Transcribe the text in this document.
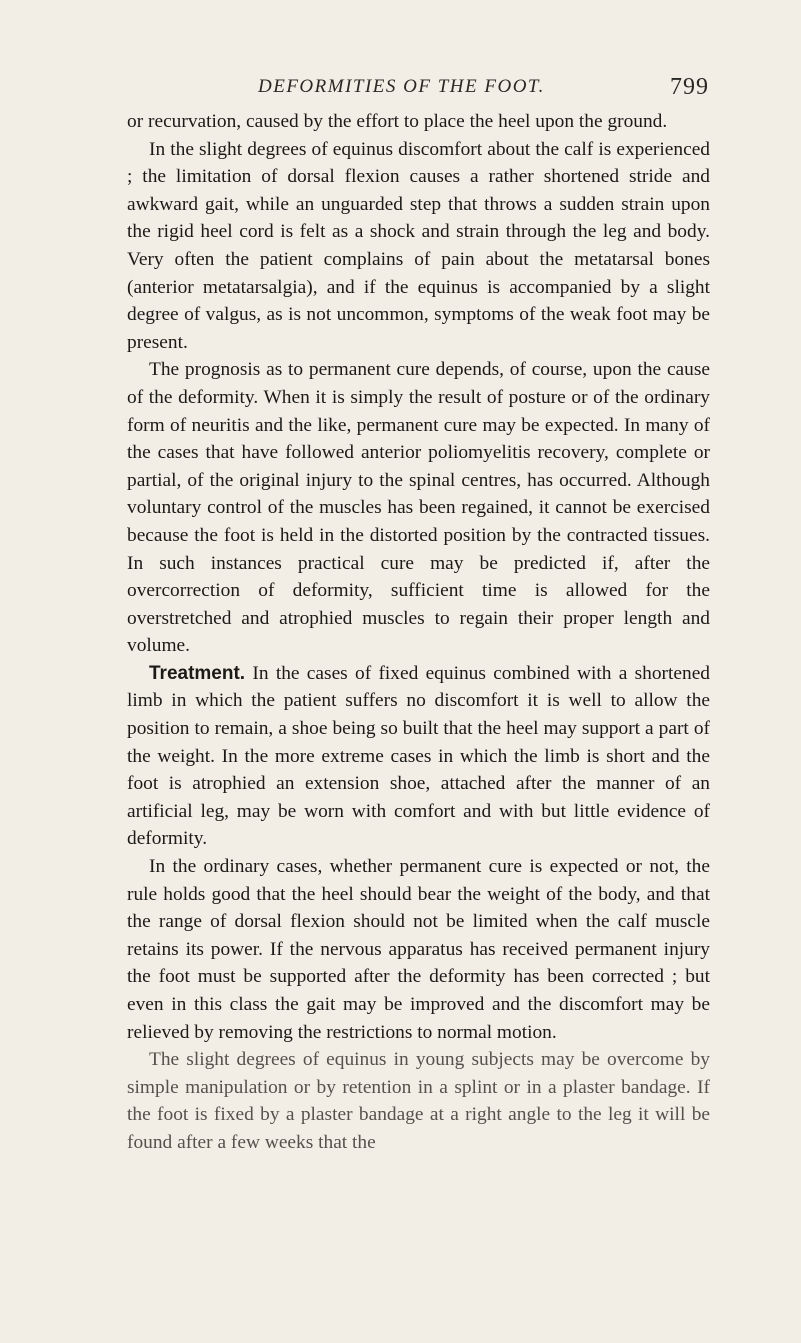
DEFORMITIES OF THE FOOT.	799

or recurvation, caused by the effort to place the heel upon the ground.

In the slight degrees of equinus discomfort about the calf is experienced ; the limitation of dorsal flexion causes a rather shortened stride and awkward gait, while an unguarded step that throws a sudden strain upon the rigid heel cord is felt as a shock and strain through the leg and body. Very often the patient complains of pain about the metatarsal bones (anterior metatarsalgia), and if the equinus is accompanied by a slight degree of valgus, as is not uncommon, symptoms of the weak foot may be present.

The prognosis as to permanent cure depends, of course, upon the cause of the deformity. When it is simply the result of posture or of the ordinary form of neuritis and the like, permanent cure may be expected. In many of the cases that have followed anterior poliomyelitis recovery, complete or partial, of the original injury to the spinal centres, has occurred. Although voluntary control of the muscles has been regained, it cannot be exercised because the foot is held in the distorted position by the contracted tissues. In such instances practical cure may be predicted if, after the overcorrection of deformity, sufficient time is allowed for the overstretched and atrophied muscles to regain their proper length and volume.

Treatment. In the cases of fixed equinus combined with a shortened limb in which the patient suffers no discomfort it is well to allow the position to remain, a shoe being so built that the heel may support a part of the weight. In the more extreme cases in which the limb is short and the foot is atrophied an extension shoe, attached after the manner of an artificial leg, may be worn with comfort and with but little evidence of deformity.

In the ordinary cases, whether permanent cure is expected or not, the rule holds good that the heel should bear the weight of the body, and that the range of dorsal flexion should not be limited when the calf muscle retains its power. If the nervous apparatus has received permanent injury the foot must be supported after the deformity has been corrected ; but even in this class the gait may be improved and the discomfort may be relieved by removing the restrictions to normal motion.

The slight degrees of equinus in young subjects may be overcome by simple manipulation or by retention in a splint or in a plaster bandage. If the foot is fixed by a plaster bandage at a right angle to the leg it will be found after a few weeks that the
